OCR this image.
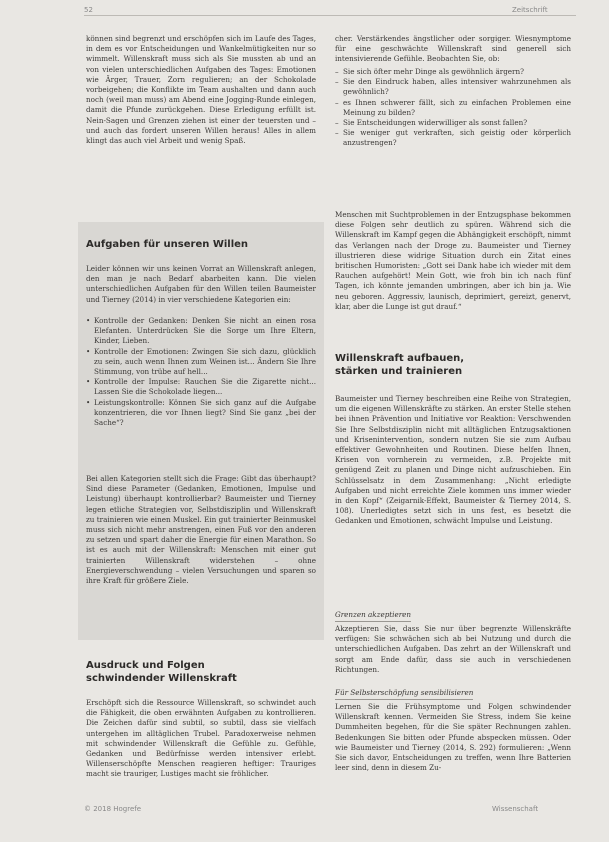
52	Zeitschrift

können sind begrenzt und erschöpfen sich im Laufe des Tages, in dem es vor Entscheidungen und Wankelmütigkeiten nur so wimmelt. Willenskraft muss sich als Sie mussten ab und an von vielen unterschiedlichen Aufgaben des Tages: Emotionen wie Ärger, Trauer, Zorn regulieren; an der Schokolade vorbeigehen; die Konflikte im Team aushalten und dann auch noch (weil man muss) am Abend eine Jogging-Runde einlegen, damit die Pfunde zurückgehen. Diese Erledigung erfüllt ist. Nein-Sagen und Grenzen ziehen ist einer der teuersten und – und auch das fordert unseren Willen heraus! Alles in allem klingt das auch viel Arbeit und wenig Spaß.

Aufgaben für unseren Willen

Leider können wir uns keinen Vorrat an Willenskraft anlegen, den man je nach Bedarf abarbeiten kann. Die vielen unterschiedlichen Aufgaben für den Willen teilen Baumeister und Tierney (2014) in vier verschiedene Kategorien ein:

• Kontrolle der Gedanken: Denken Sie nicht an einen rosa Elefanten. Unterdrücken Sie die Sorge um Ihre Eltern, Kinder, Lieben.
• Kontrolle der Emotionen: Zwingen Sie sich dazu, glücklich zu sein, auch wenn Ihnen zum Weinen ist... Ändern Sie Ihre Stimmung, von trübe auf hell...
• Kontrolle der Impulse: Rauchen Sie die Zigarette nicht... Lassen Sie die Schokolade liegen...
• Leistungskontrolle: Können Sie sich ganz auf die Aufgabe konzentrieren, die vor Ihnen liegt? Sind Sie ganz „bei der Sache“?

Bei allen Kategorien stellt sich die Frage: Gibt das überhaupt? Sind diese Parameter (Gedanken, Emotionen, Impulse und Leistung) überhaupt kontrollierbar? Baumeister und Tierney legen etliche Strategien vor, Selbstdisziplin und Willenskraft zu trainieren wie einen Muskel. Ein gut trainierter Beinmuskel muss sich nicht mehr anstrengen, einen Fuß vor den anderen zu setzen und spart daher die Energie für einen Marathon. So ist es auch mit der Willenskraft: Menschen mit einer gut trainierten Willenskraft widerstehen – ohne Energieverschwendung – vielen Versuchungen und sparen so ihre Kraft für größere Ziele.

Ausdruck und Folgen
schwindender Willenskraft

Erschöpft sich die Ressource Willenskraft, so schwindet auch die Fähigkeit, die oben erwähnten Aufgaben zu kontrollieren. Die Zeichen dafür sind subtil, so subtil, dass sie vielfach untergehen im alltäglichen Trubel. Paradoxerweise nehmen mit schwindender Willenskraft die Gefühle zu. Gefühle, Gedanken und Bedürfnisse werden intensiver erlebt. Willenserschöpfte Menschen reagieren heftiger: Trauriges macht sie trauriger, Lustiges macht sie fröhlicher.

cher. Verstärkendes ängstlicher oder sorgiger. Wiesnymptome für eine geschwächte Willenskraft sind generell sich intensivierende Gefühle. Beobachten Sie, ob:

– Sie sich öfter mehr Dinge als gewöhnlich ärgern?
– Sie den Eindruck haben, alles intensiver wahrzunehmen als gewöhnlich?
– es Ihnen schwerer fällt, sich zu einfachen Problemen eine Meinung zu bilden?
– Sie Entscheidungen widerwilliger als sonst fallen?
– Sie weniger gut verkraften, sich geistig oder körperlich anzustrengen?

Menschen mit Suchtproblemen in der Entzugsphase bekommen diese Folgen sehr deutlich zu spüren. Während sich die Willenskraft im Kampf gegen die Abhängigkeit erschöpft, nimmt das Verlangen nach der Droge zu. Baumeister und Tierney illustrieren diese widrige Situation durch ein Zitat eines britischen Humoristen: „Gott sei Dank habe ich wieder mit dem Rauchen aufgehört! Mein Gott, wie froh bin ich nach fünf Tagen, ich könnte jemanden umbringen, aber ich bin ja. Wie neu geboren. Aggressiv, launisch, deprimiert, gereizt, genervt, klar, aber die Lunge ist gut drauf.“

Willenskraft aufbauen,
stärken und trainieren

Baumeister und Tierney beschreiben eine Reihe von Strategien, um die eigenen Willenskräfte zu stärken. An erster Stelle stehen bei ihnen Prävention und Initiative vor Reaktion: Verschwenden Sie Ihre Selbstdisziplin nicht mit alltäglichen Entzugsaktionen und Krisenintervention, sondern nutzen Sie sie zum Aufbau effektiver Gewohnheiten und Routinen. Diese helfen Ihnen, Krisen von vornherein zu vermeiden, z.B. Projekte mit genügend Zeit zu planen und Dinge nicht aufzuschieben. Ein Schlüsselsatz in dem Zusammenhang: „Nicht erledigte Aufgaben und nicht erreichte Ziele kommen uns immer wieder in den Kopf“ (Zeigarnik-Effekt, Baumeister & Tierney 2014, S. 108). Unerledigtes setzt sich in uns fest, es besetzt die Gedanken und Emotionen, schwächt Impulse und Leistung.

Grenzen akzeptieren

Akzeptieren Sie, dass Sie nur über begrenzte Willenskräfte verfügen: Sie schwächen sich ab bei Nutzung und durch die unterschiedlichen Aufgaben. Das zehrt an der Willenskraft und sorgt am Ende dafür, dass sie auch in verschiedenen Richtungen.

Für Selbsterschöpfung sensibilisieren

Lernen Sie die Frühsymptome und Folgen schwindender Willenskraft kennen. Vermeiden Sie Stress, indem Sie keine Dummheiten begehen, für die Sie später Rechnungen zahlen. Bedenkungen Sie bitten oder Pfunde abspecken müssen. Oder wie Baumeister und Tierney (2014, S. 292) formulieren: „Wenn Sie sich davor, Entscheidungen zu treffen, wenn Ihre Batterien leer sind, denn in diesem Zu-

© 2018 Hogrefe	Wissenschaft
